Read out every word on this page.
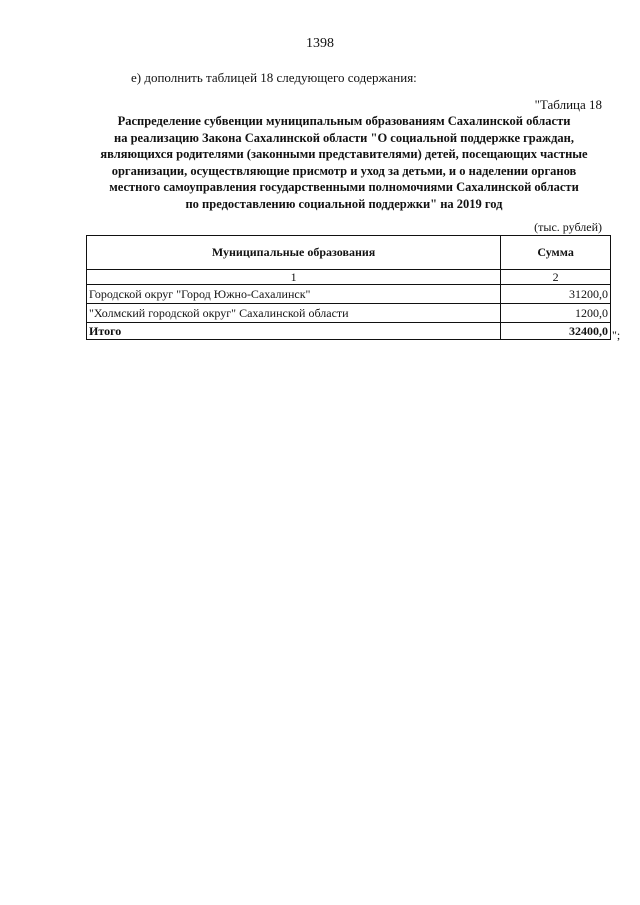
1398
е) дополнить таблицей 18 следующего содержания:
"Таблица 18
Распределение субвенции муниципальным образованиям Сахалинской области
на реализацию Закона Сахалинской области "О социальной поддержке граждан,
являющихся родителями (законными представителями) детей, посещающих частные
организации, осуществляющие присмотр и уход за детьми, и о наделении органов
местного самоуправления государственными полномочиями Сахалинской области
по предоставлению социальной поддержки" на 2019 год
(тыс. рублей)
Муниципальные образования	Сумма
1	2
Городской округ "Город Южно-Сахалинск"	31200,0
"Холмский городской округ" Сахалинской области	1200,0
Итого	32400,0 ";
